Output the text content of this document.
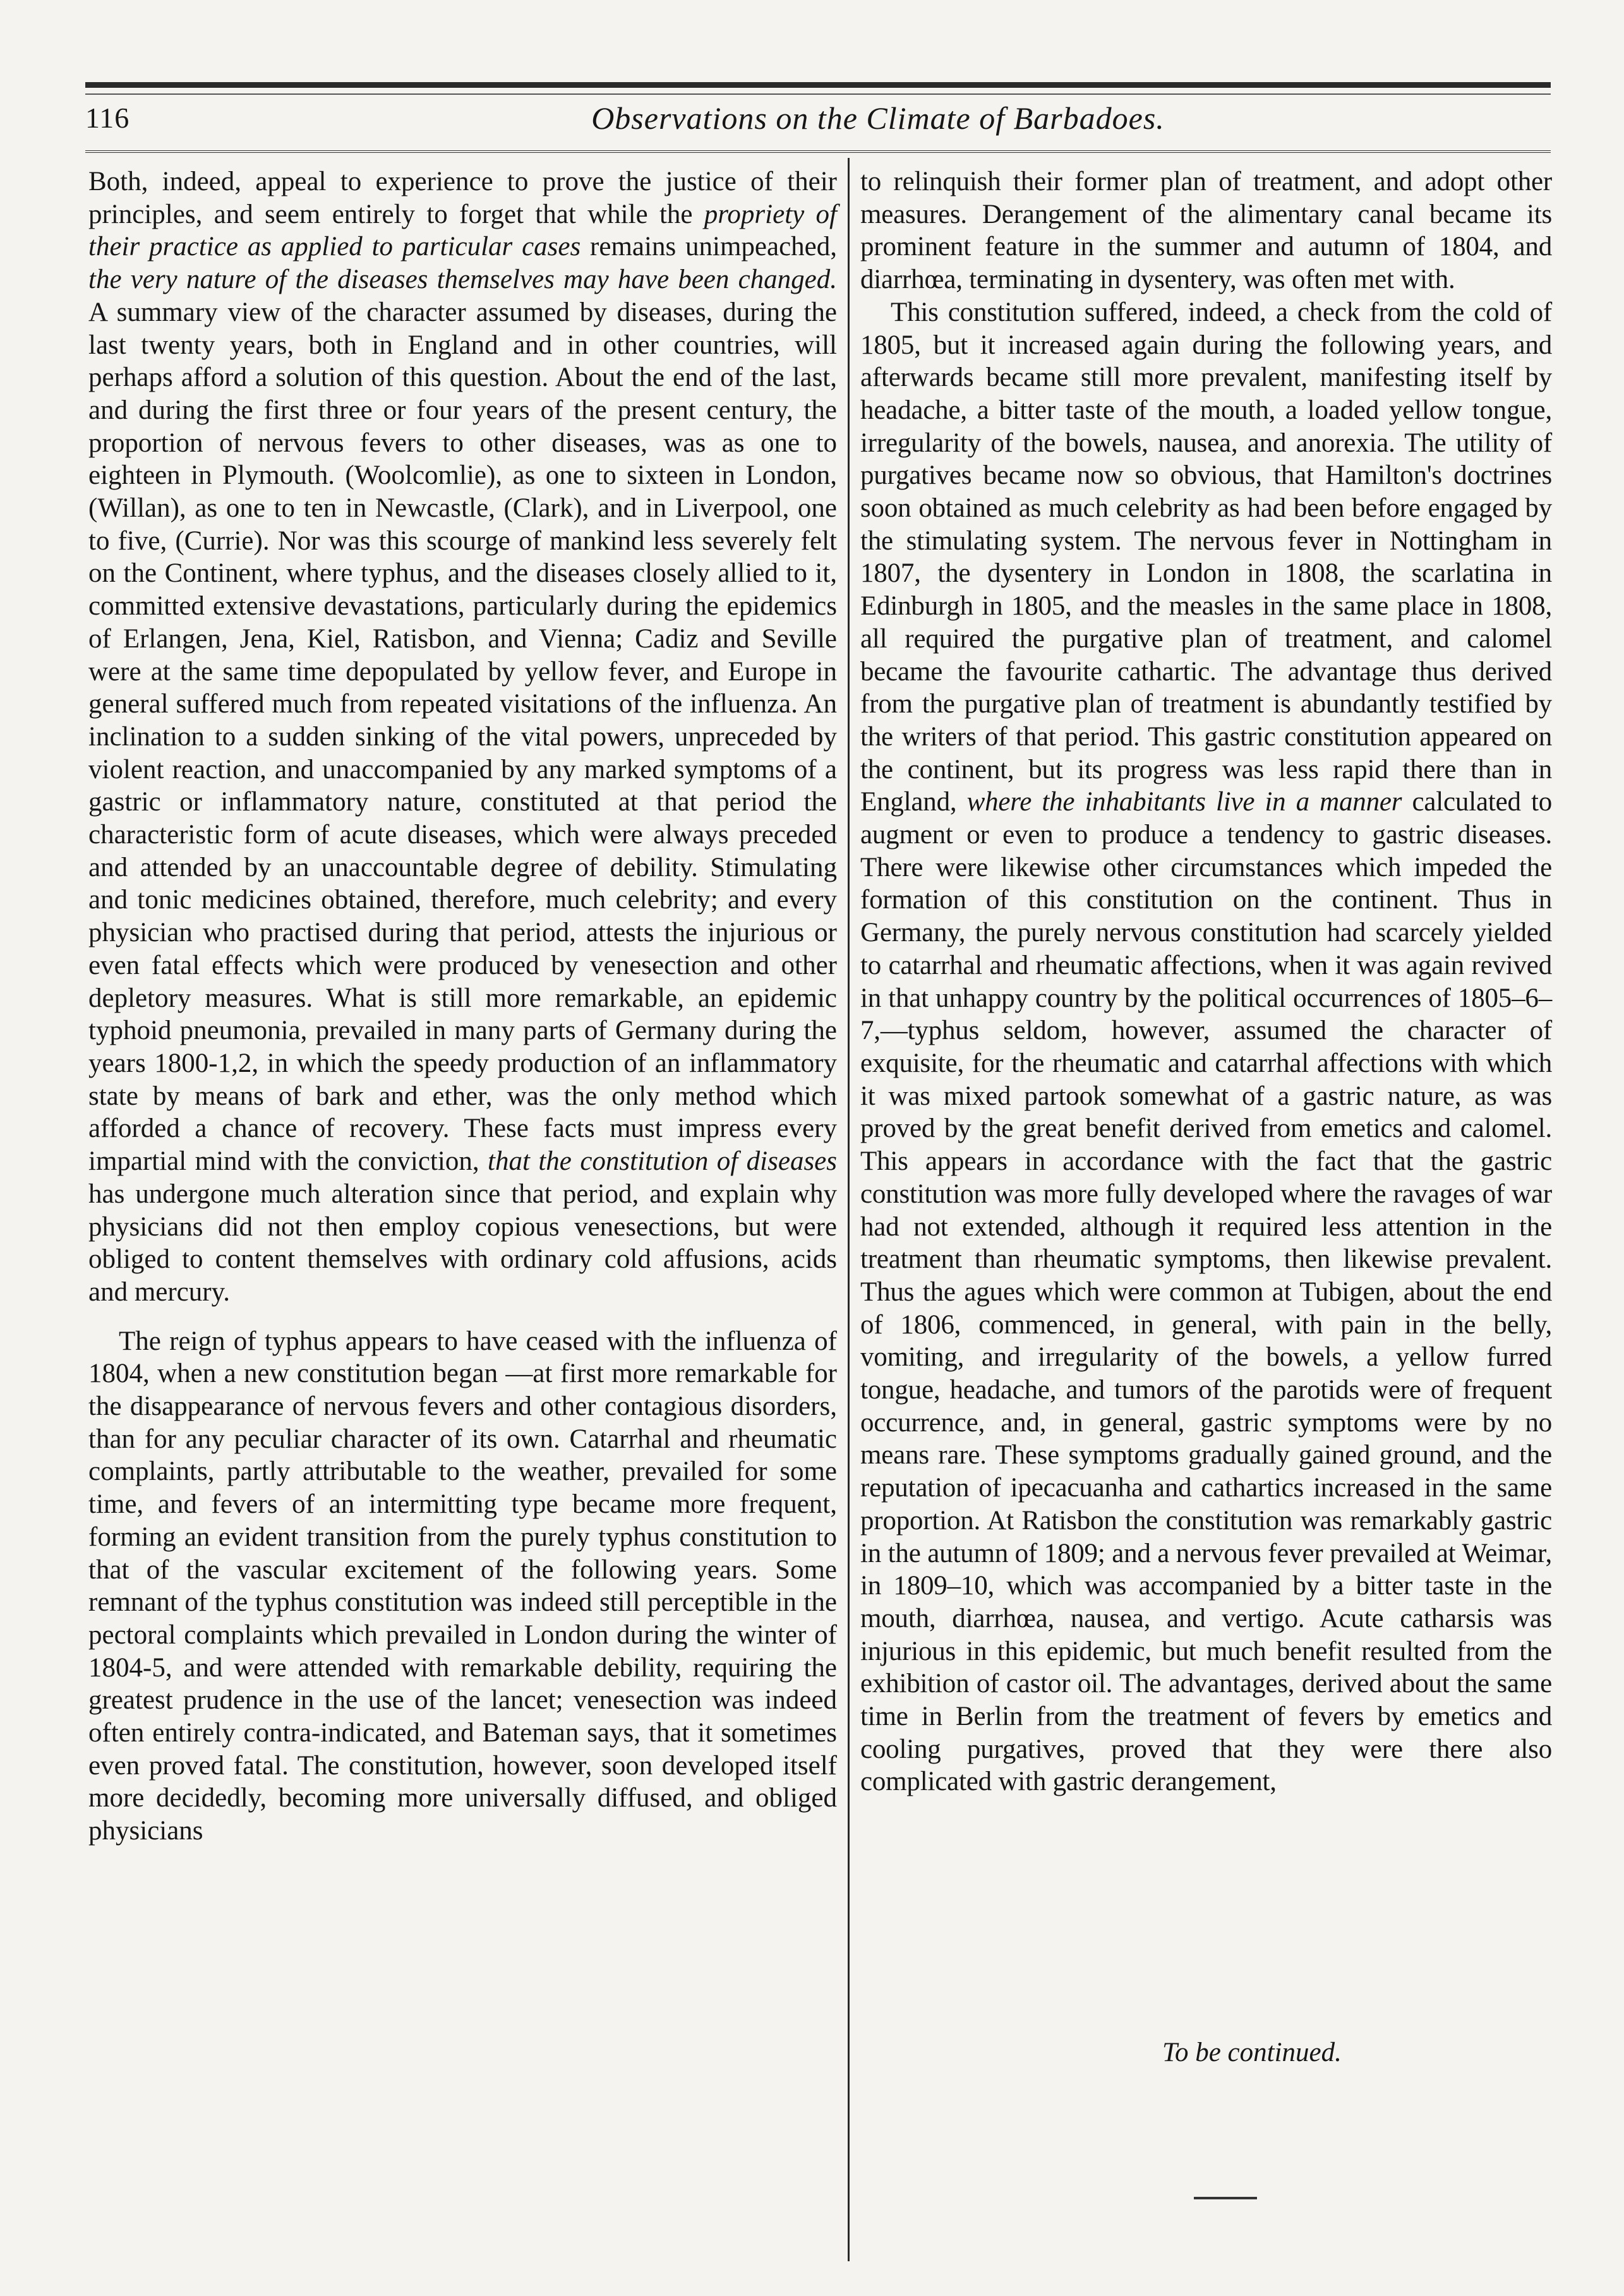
116	Observations on the Climate of Barbadoes.

Both, indeed, appeal to experience to prove the justice of their principles, and seem entirely to forget that while the propriety of their practice as applied to particular cases remains unimpeached, the very nature of the diseases themselves may have been changed. A summary view of the character assumed by diseases, during the last twenty years, both in England and in other countries, will perhaps afford a solution of this question. About the end of the last, and during the first three or four years of the present century, the proportion of nervous fevers to other diseases, was as one to eighteen in Plymouth. (Woolcomlie), as one to sixteen in London, (Willan), as one to ten in Newcastle, (Clark), and in Liverpool, one to five, (Currie). Nor was this scourge of mankind less severely felt on the Continent, where typhus, and the diseases closely allied to it, committed extensive devastations, particularly during the epidemics of Erlangen, Jena, Kiel, Ratisbon, and Vienna; Cadiz and Seville were at the same time depopulated by yellow fever, and Europe in general suffered much from repeated visitations of the influenza. An inclination to a sudden sinking of the vital powers, unpreceded by violent reaction, and unaccompanied by any marked symptoms of a gastric or inflammatory nature, constituted at that period the characteristic form of acute diseases, which were always preceded and attended by an unaccountable degree of debility. Stimulating and tonic medicines obtained, therefore, much celebrity; and every physician who practised during that period, attests the injurious or even fatal effects which were produced by venesection and other depletory measures. What is still more remarkable, an epidemic typhoid pneumonia, prevailed in many parts of Germany during the years 1800-1,2, in which the speedy production of an inflammatory state by means of bark and ether, was the only method which afforded a chance of recovery. These facts must impress every impartial mind with the conviction, that the constitution of diseases has undergone much alteration since that period, and explain why physicians did not then employ copious venesections, but were obliged to content themselves with ordinary cold affusions, acids and mercury.

The reign of typhus appears to have ceased with the influenza of 1804, when a new constitution began —at first more remarkable for the disappearance of nervous fevers and other contagious disorders, than for any peculiar character of its own. Catarrhal and rheumatic complaints, partly attributable to the weather, prevailed for some time, and fevers of an intermitting type became more frequent, forming an evident transition from the purely typhus constitution to that of the vascular excitement of the following years. Some remnant of the typhus constitution was indeed still perceptible in the pectoral complaints which prevailed in London during the winter of 1804-5, and were attended with remarkable debility, requiring the greatest prudence in the use of the lancet; venesection was indeed often entirely contra-indicated, and Bateman says, that it sometimes even proved fatal. The constitution, however, soon developed itself more decidedly, becoming more universally diffused, and obliged physicians

to relinquish their former plan of treatment, and adopt other measures. Derangement of the alimentary canal became its prominent feature in the summer and autumn of 1804, and diarrhœa, terminating in dysentery, was often met with.

This constitution suffered, indeed, a check from the cold of 1805, but it increased again during the following years, and afterwards became still more prevalent, manifesting itself by headache, a bitter taste of the mouth, a loaded yellow tongue, irregularity of the bowels, nausea, and anorexia. The utility of purgatives became now so obvious, that Hamilton's doctrines soon obtained as much celebrity as had been before engaged by the stimulating system. The nervous fever in Nottingham in 1807, the dysentery in London in 1808, the scarlatina in Edinburgh in 1805, and the measles in the same place in 1808, all required the purgative plan of treatment, and calomel became the favourite cathartic. The advantage thus derived from the purgative plan of treatment is abundantly testified by the writers of that period. This gastric constitution appeared on the continent, but its progress was less rapid there than in England, where the inhabitants live in a manner calculated to augment or even to produce a tendency to gastric diseases. There were likewise other circumstances which impeded the formation of this constitution on the continent. Thus in Germany, the purely nervous constitution had scarcely yielded to catarrhal and rheumatic affections, when it was again revived in that unhappy country by the political occurrences of 1805–6–7,—typhus seldom, however, assumed the character of exquisite, for the rheumatic and catarrhal affections with which it was mixed partook somewhat of a gastric nature, as was proved by the great benefit derived from emetics and calomel. This appears in accordance with the fact that the gastric constitution was more fully developed where the ravages of war had not extended, although it required less attention in the treatment than rheumatic symptoms, then likewise prevalent. Thus the agues which were common at Tubigen, about the end of 1806, commenced, in general, with pain in the belly, vomiting, and irregularity of the bowels, a yellow furred tongue, headache, and tumors of the parotids were of frequent occurrence, and, in general, gastric symptoms were by no means rare. These symptoms gradually gained ground, and the reputation of ipecacuanha and cathartics increased in the same proportion. At Ratisbon the constitution was remarkably gastric in the autumn of 1809; and a nervous fever prevailed at Weimar, in 1809–10, which was accompanied by a bitter taste in the mouth, diarrhœa, nausea, and vertigo. Acute catharsis was injurious in this epidemic, but much benefit resulted from the exhibition of castor oil. The advantages, derived about the same time in Berlin from the treatment of fevers by emetics and cooling purgatives, proved that they were there also complicated with gastric derangement,

To be continued.
